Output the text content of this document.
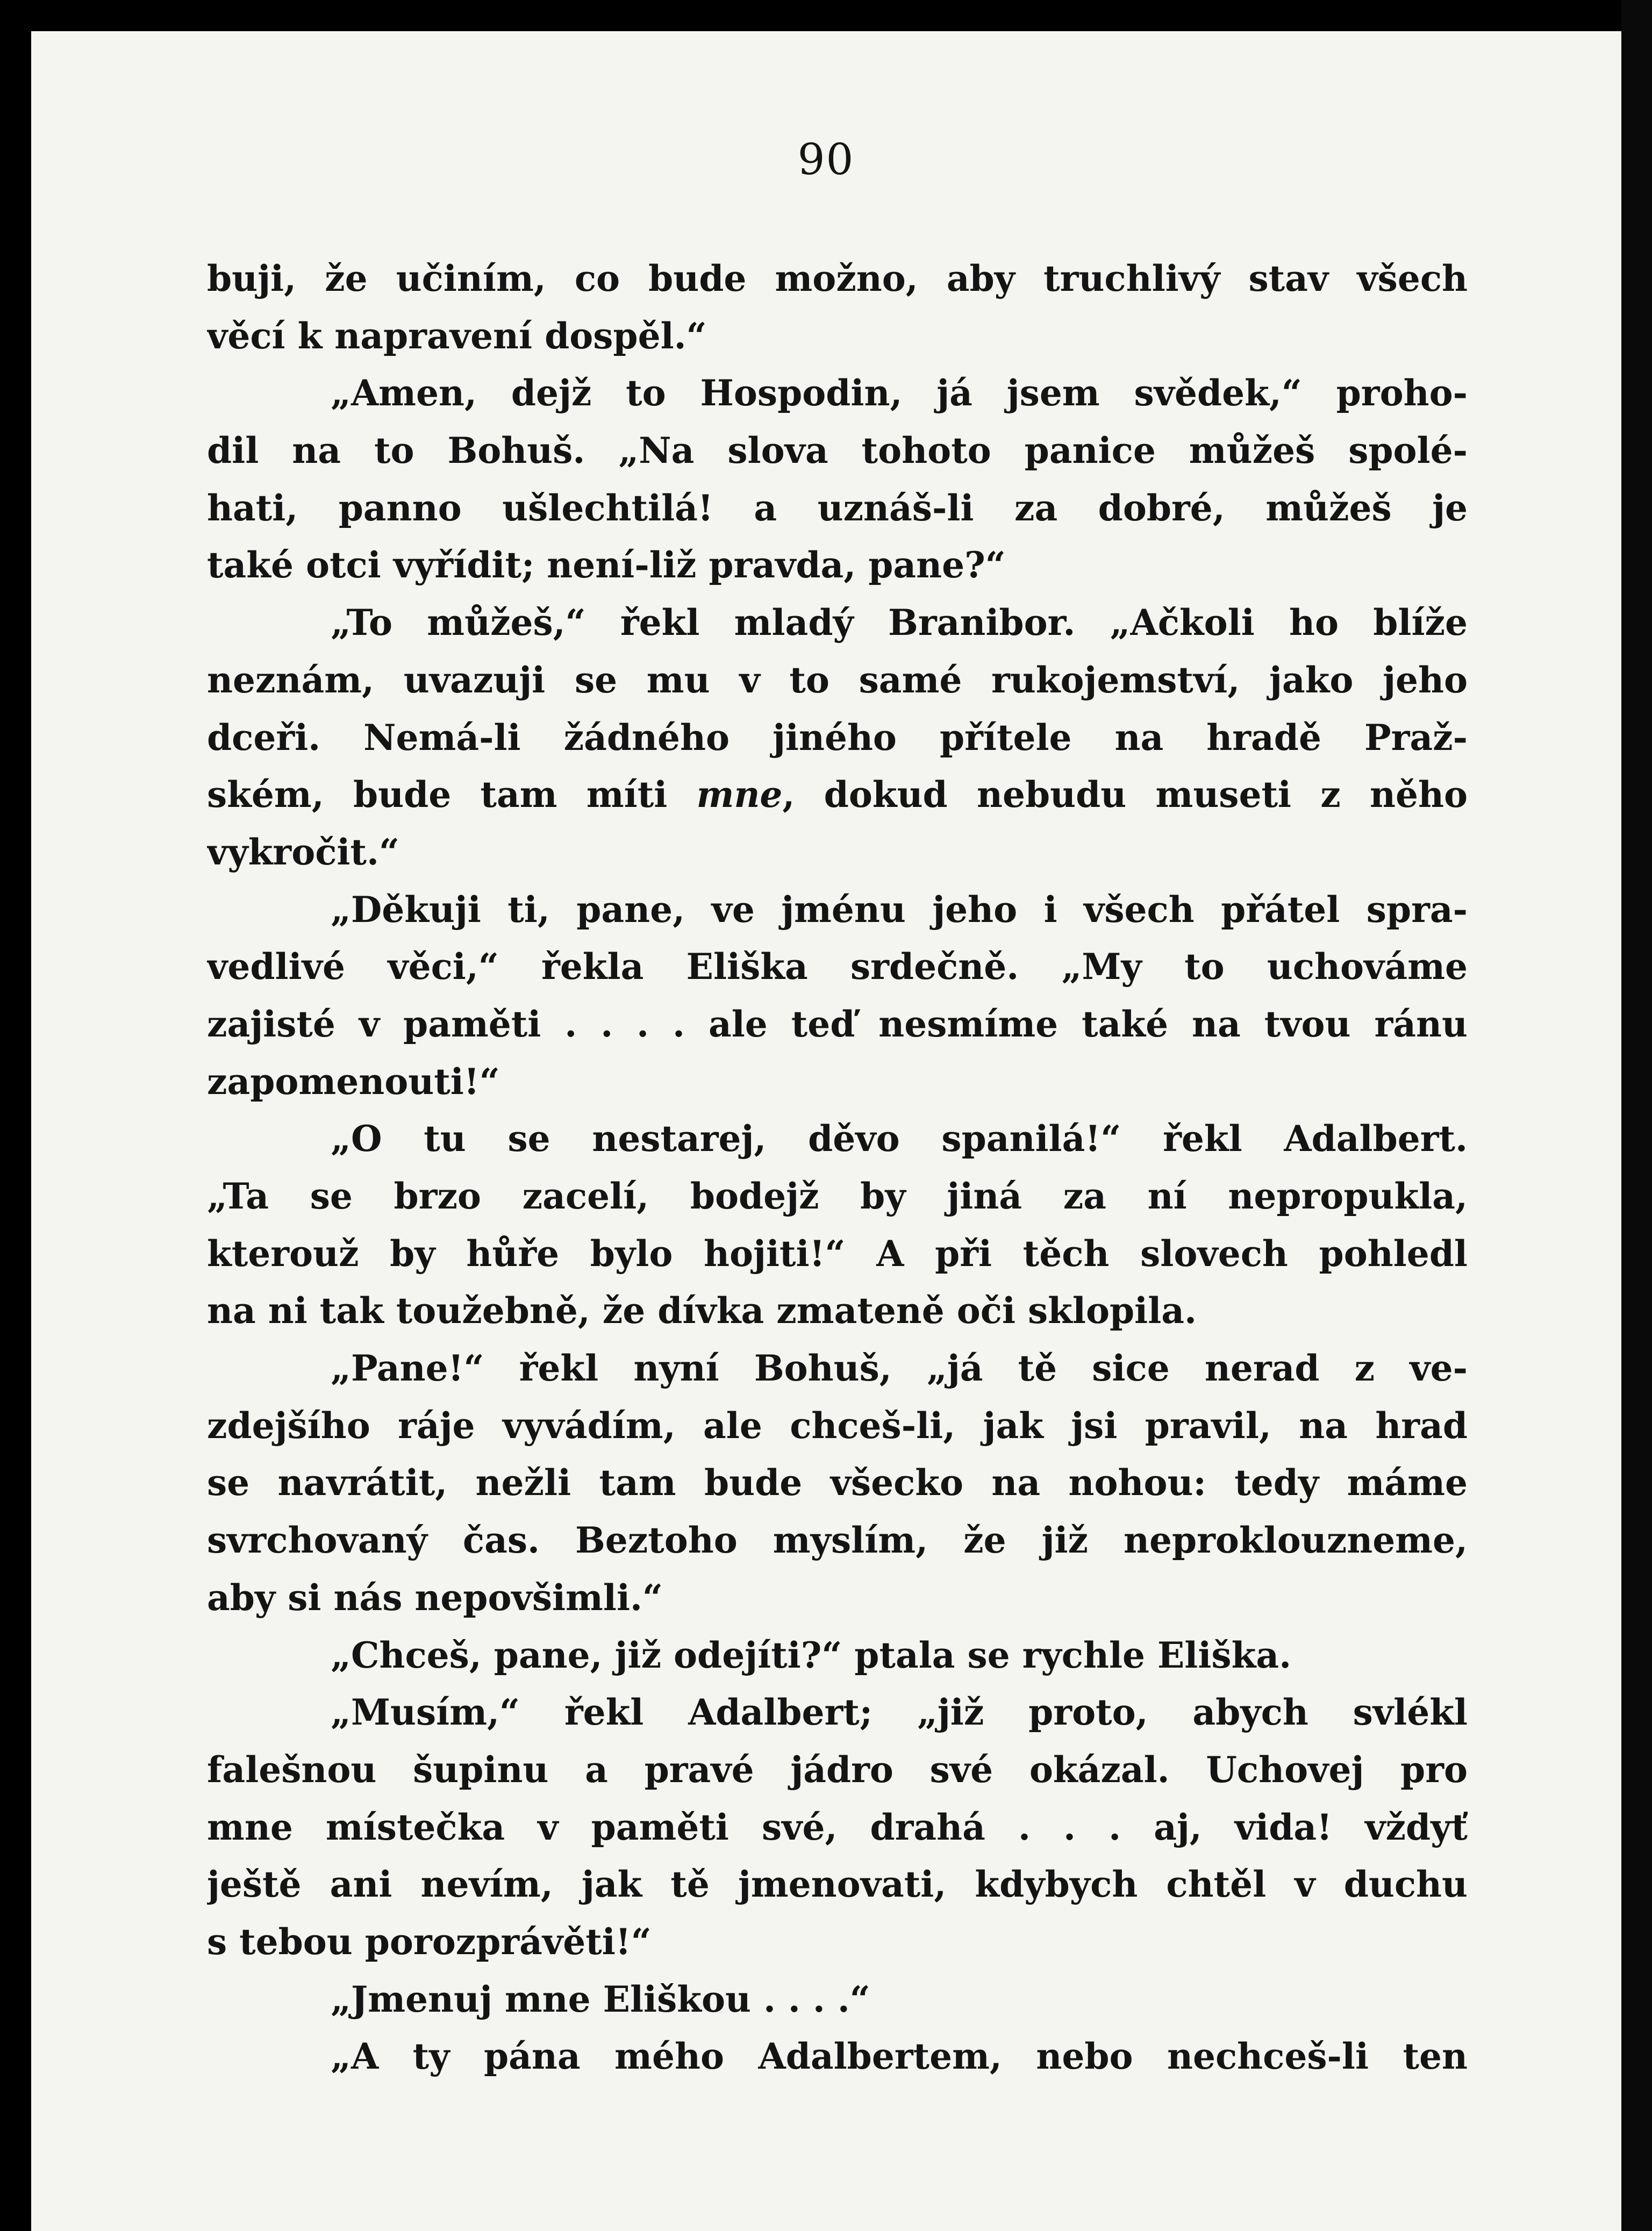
90
buji, že učiním, co bude možno, aby truchlivý stav všech
věcí k napravení dospěl.“
„Amen, dejž to Hospodin, já jsem svědek,“ proho-
dil na to Bohuš. „Na slova tohoto panice můžeš spolé-
hati, panno ušlechtilá! a uznáš-li za dobré, můžeš je
také otci vyřídit; není-liž pravda, pane?“
„To můžeš,“ řekl mladý Branibor. „Ačkoli ho blíže
neznám, uvazuji se mu v to samé rukojemství, jako jeho
dceři. Nemá-li žádného jiného přítele na hradě Praž-
ském, bude tam míti mne, dokud nebudu museti z něho
vykročit.“
„Děkuji ti, pane, ve jménu jeho i všech přátel spra-
vedlivé věci,“ řekla Eliška srdečně. „My to uchováme
zajisté v paměti . . . . ale teď nesmíme také na tvou ránu
zapomenouti!“
„O tu se nestarej, děvo spanilá!“ řekl Adalbert.
„Ta se brzo zacelí, bodejž by jiná za ní nepropukla,
kterouž by hůře bylo hojiti!“ A při těch slovech pohledl
na ni tak toužebně, že dívka zmateně oči sklopila.
„Pane!“ řekl nyní Bohuš, „já tě sice nerad z ve-
zdejšího ráje vyvádím, ale chceš-li, jak jsi pravil, na hrad
se navrátit, nežli tam bude všecko na nohou: tedy máme
svrchovaný čas. Beztoho myslím, že již neproklouzneme,
aby si nás nepovšimli.“
„Chceš, pane, již odejíti?“ ptala se rychle Eliška.
„Musím,“ řekl Adalbert; „již proto, abych svlékl
falešnou šupinu a pravé jádro své okázal. Uchovej pro
mne místečka v paměti své, drahá . . . aj, vida! vždyť
ještě ani nevím, jak tě jmenovati, kdybych chtěl v duchu
s tebou porozprávěti!“
„Jmenuj mne Eliškou . . . .“
„A ty pána mého Adalbertem, nebo nechceš-li ten
